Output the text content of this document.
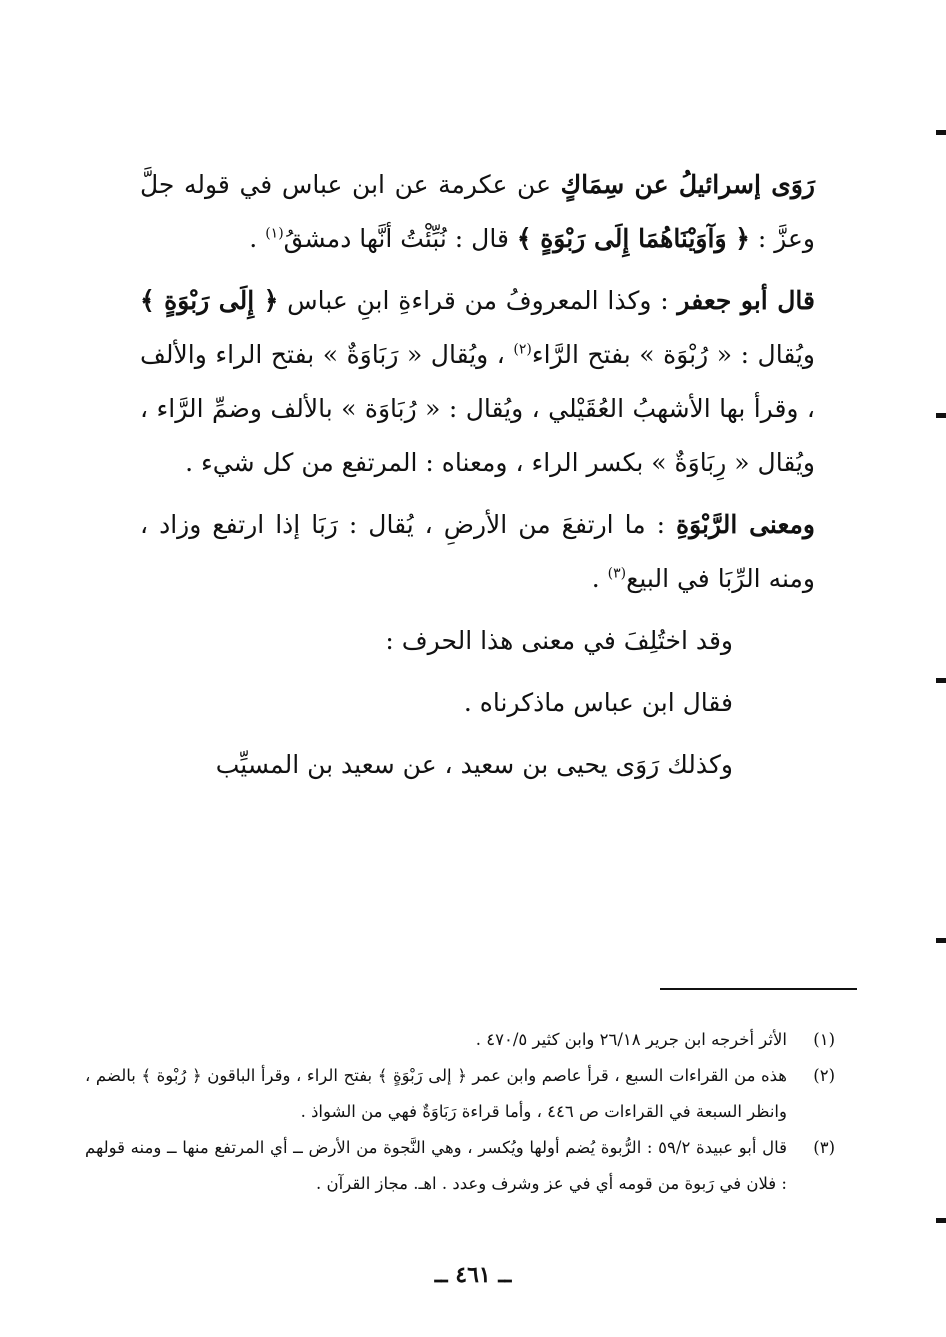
رَوَى إسرائيلُ عن سِمَاكٍ عن عكرمة عن ابن عباس في قوله جلَّ وعزَّ : ﴿ وَآوَيْنَاهُمَا إِلَى رَبْوَةٍ ﴾ قال : نُبِّئْتُ أنَّها دمشقُ$^{(١)}$ .

قال أبو جعفر : وكذا المعروفُ من قراءةِ ابنِ عباس ﴿ إِلَى رَبْوَةٍ ﴾ ويُقال : « رُبْوَة » بفتح الرَّاء$^{(٢)}$ ، ويُقال « رَبَاوَةٌ » بفتح الراء والألف ، وقرأ بها الأشهبُ العُقَيْلي ، ويُقال : « رُبَاوَة » بالألف وضمِّ الرَّاء ، ويُقال « رِبَاوَةٌ » بكسر الراء ، ومعناه : المرتفع من كل شيء .

ومعنى الرَّبْوَةِ : ما ارتفعَ من الأرضِ ، يُقال : رَبَا إذا ارتفع وزاد ، ومنه الرِّبَا في البيع$^{(٣)}$ .

وقد اختُلِفَ في معنى هذا الحرف :

فقال ابن عباس ماذكرناه .

وكذلك رَوَى يحيى بن سعيد ، عن سعيد بن المسيِّب

(١)
الأثر أخرجه ابن جرير ٢٦/١٨ وابن كثير ٤٧٠/٥ .
(٢)
هذه من القراءات السبع ، قرأ عاصم وابن عمر ﴿ إلى رَبْوَةٍ ﴾ بفتح الراء ، وقرأ الباقون ﴿ رُبْوة ﴾ بالضم ، وانظر السبعة في القراءات ص ٤٤٦ ، وأما قراءة رَبَاوَةٌ فهي من الشواذ .
(٣)
قال أبو عبيدة ٥٩/٢ : الرُّبوة يُضم أولها ويُكسر ، وهي النَّجوة من الأرض ــ أي المرتفع منها ــ ومنه قولهم : فلان في رَبوة من قومه أي في عز وشرف وعدد . اهـ. مجاز القرآن .
ــ ٤٦١ ــ
